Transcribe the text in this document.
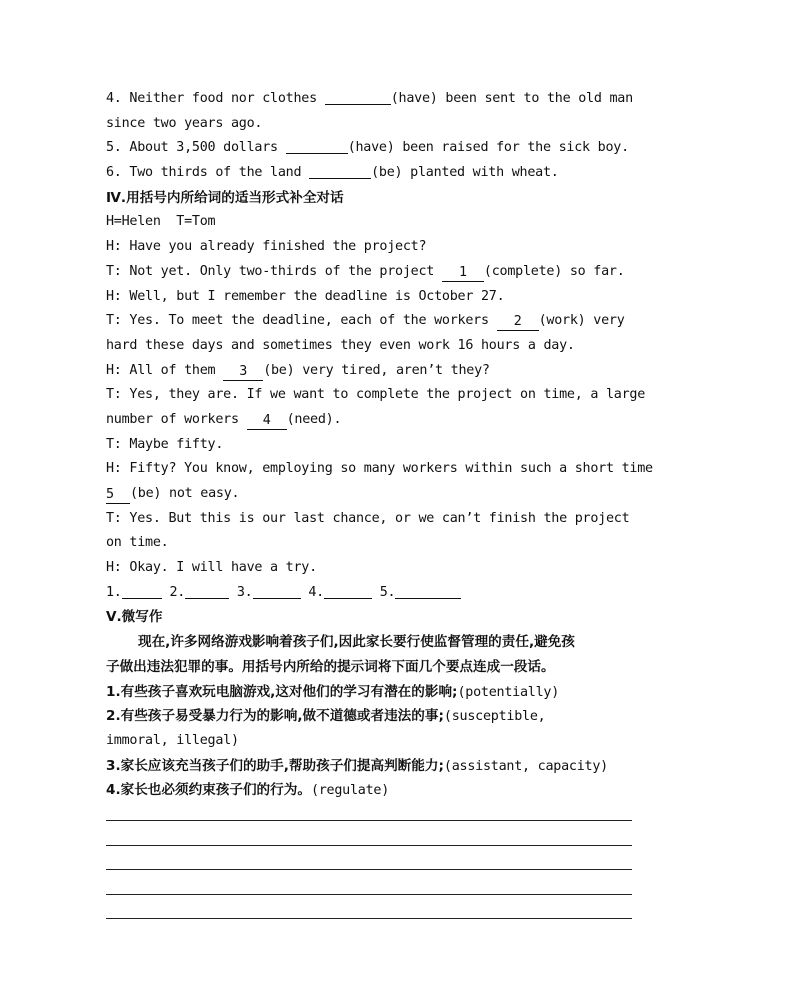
4. Neither food nor clothes	(have) been sent to the old man
since two years ago.
5. About 3,500 dollars	(have) been raised for the sick boy.
6. Two thirds of the land	(be) planted with wheat.
Ⅳ.用括号内所给词的适当形式补全对话
H=Helen  T=Tom
H: Have you already finished the project?
T: Not yet. Only two-thirds of the project 1 (complete) so far.
H: Well, but I remember the deadline is October 27.
T: Yes. To meet the deadline, each of the workers 2 (work) very
hard these days and sometimes they even work 16 hours a day.
H: All of them 3 (be) very tired, aren’t they?
T: Yes, they are. If we want to complete the project on time, a large
number of workers 4 (need).
T: Maybe fifty.
H: Fifty? You know, employing so many workers within such a short time
5 (be) not easy.
T: Yes. But this is our last chance, or we can’t finish the project
on time.
H: Okay. I will have a try.
1.	2.	3.	4.	5.
Ⅴ.微写作
现在,许多网络游戏影响着孩子们,因此家长要行使监督管理的责任,避免孩
子做出违法犯罪的事。用括号内所给的提示词将下面几个要点连成一段话。
1.有些孩子喜欢玩电脑游戏,这对他们的学习有潜在的影响;(potentially)
2.有些孩子易受暴力行为的影响,做不道德或者违法的事;(susceptible,
immoral, illegal)
3.家长应该充当孩子们的助手,帮助孩子们提高判断能力;(assistant, capacity)
4.家长也必须约束孩子们的行为。(regulate)
